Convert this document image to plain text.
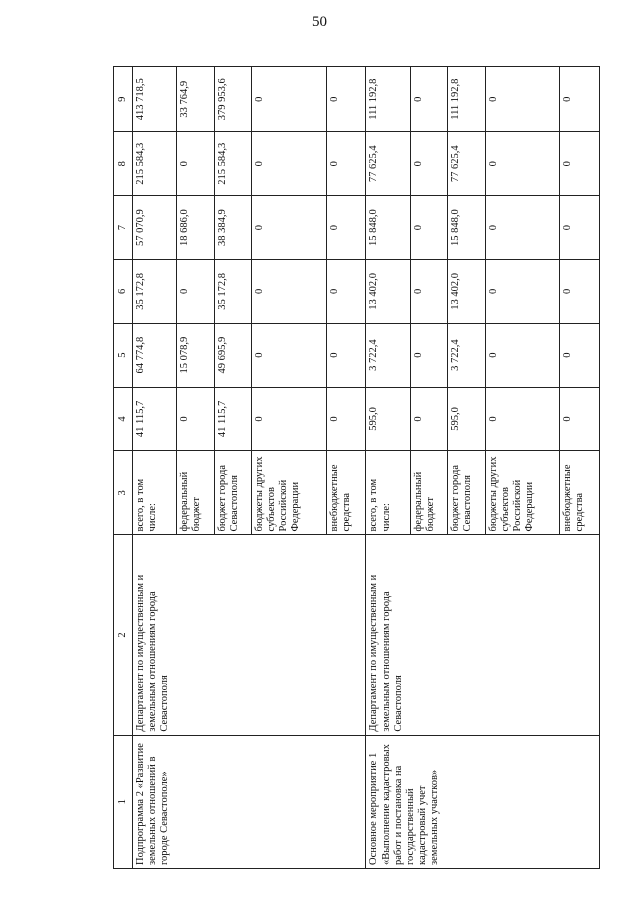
50
1	2	3	4	5	6	7	8	9
Подпрограмма 2 «Развитие земельных отношений в городе Севастополе»	Департамент по имущественным и земельным отношениям города Севастополя	всего, в том числе:	41 115,7	64 774,8	35 172,8	57 070,9	215 584,3	413 718,5
		федеральный бюджет	0	15 078,9	0	18 686,0	0	33 764,9
		бюджет города Севастополя	41 115,7	49 695,9	35 172,8	38 384,9	215 584,3	379 953,6
		бюджеты других субъектов Российской Федерации	0	0	0	0	0	0
		внебюджетные средства	0	0	0	0	0	0
Основное мероприятие 1 «Выполнение кадастровых работ и постановка на государственный кадастровый учет земельных участков»	Департамент по имущественным и земельным отношениям города Севастополя	всего, в том числе:	595,0	3 722,4	13 402,0	15 848,0	77 625,4	111 192,8
		федеральный бюджет	0	0	0	0	0	0
		бюджет города Севастополя	595,0	3 722,4	13 402,0	15 848,0	77 625,4	111 192,8
		бюджеты других субъектов Российской Федерации	0	0	0	0	0	0
		внебюджетные средства	0	0	0	0	0	0
